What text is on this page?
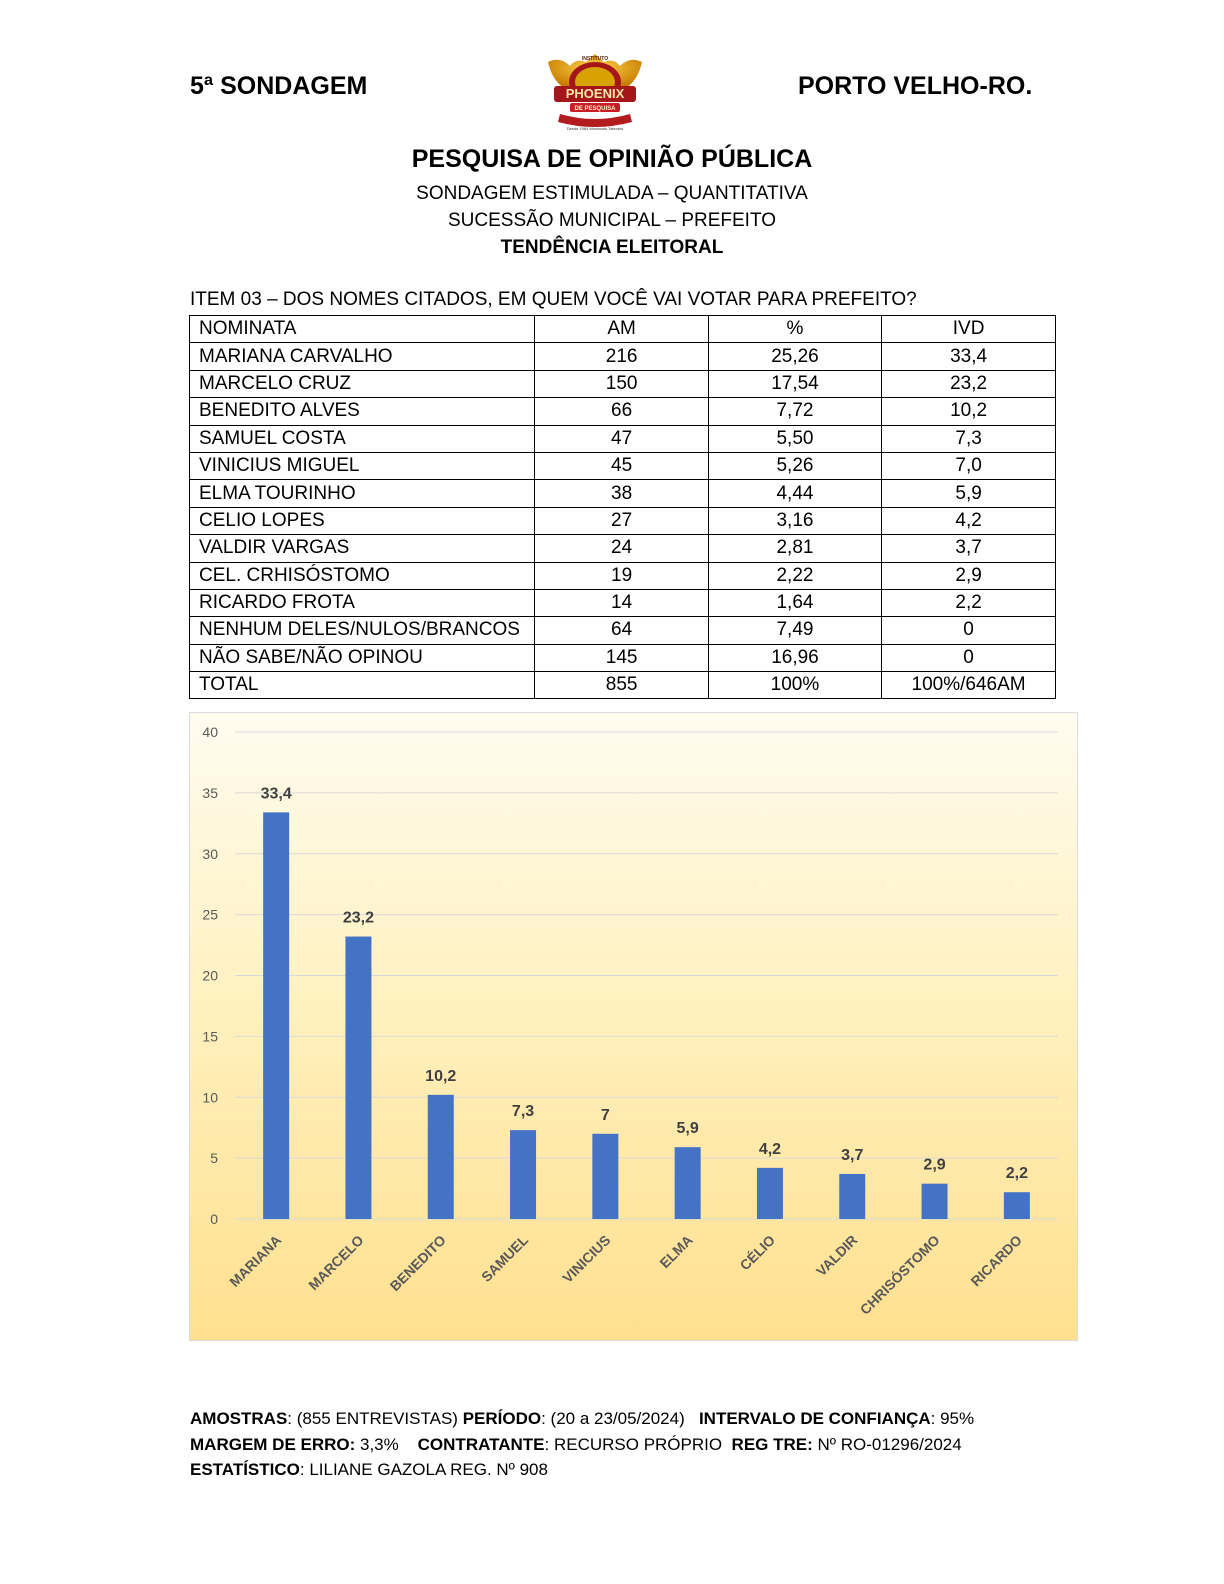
5ª SONDAGEM	PORTO VELHO-RO.
PHOENIX
INSTITUTO
DE PESQUISA
Desde 1984 Montando Talentos
PESQUISA DE OPINIÃO PÚBLICA
SONDAGEM ESTIMULADA – QUANTITATIVA
SUCESSÃO MUNICIPAL – PREFEITO
TENDÊNCIA ELEITORAL
ITEM 03 – DOS NOMES CITADOS, EM QUEM VOCÊ VAI VOTAR PARA PREFEITO?
NOMINATA	AM	%	IVD
MARIANA CARVALHO	216	25,26	33,4
MARCELO CRUZ	150	17,54	23,2
BENEDITO ALVES	66	7,72	10,2
SAMUEL COSTA	47	5,50	7,3
VINICIUS MIGUEL	45	5,26	7,0
ELMA TOURINHO	38	4,44	5,9
CELIO LOPES	27	3,16	4,2
VALDIR VARGAS	24	2,81	3,7
CEL. CRHISÓSTOMO	19	2,22	2,9
RICARDO FROTA	14	1,64	2,2
NENHUM DELES/NULOS/BRANCOS	64	7,49	0
NÃO SABE/NÃO OPINOU	145	16,96	0
TOTAL	855	100%	100%/646AM
0
5
10
15
20
25
30
35
40
33,4
MARIANA
23,2
MARCELO
10,2
BENEDITO
7,3
SAMUEL
7
VINICIUS
5,9
ELMA
4,2
CÉLIO
3,7
VALDIR
2,9
CHRISÓSTOMO
2,2
RICARDO
AMOSTRAS: (855 ENTREVISTAS) PERÍODO: (20 a 23/05/2024)   INTERVALO DE CONFIANÇA: 95%
MARGEM DE ERRO: 3,3%    CONTRATANTE: RECURSO PRÓPRIO  REG TRE: Nº RO-01296/2024
ESTATÍSTICO: LILIANE GAZOLA REG. Nº 908
